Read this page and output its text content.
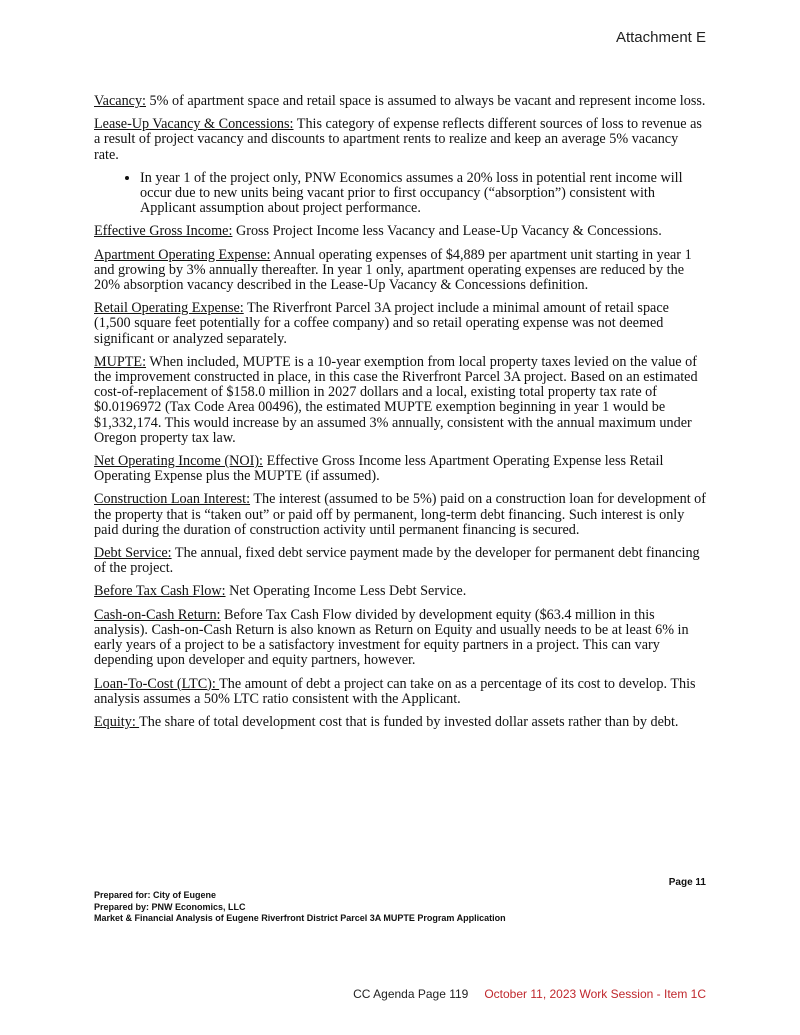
Attachment E

Vacancy: 5% of apartment space and retail space is assumed to always be vacant and represent income loss.

Lease-Up Vacancy & Concessions: This category of expense reflects different sources of loss to revenue as a result of project vacancy and discounts to apartment rents to realize and keep an average 5% vacancy rate.

• In year 1 of the project only, PNW Economics assumes a 20% loss in potential rent income will occur due to new units being vacant prior to first occupancy (“absorption”) consistent with Applicant assumption about project performance.

Effective Gross Income: Gross Project Income less Vacancy and Lease-Up Vacancy & Concessions.

Apartment Operating Expense: Annual operating expenses of $4,889 per apartment unit starting in year 1 and growing by 3% annually thereafter. In year 1 only, apartment operating expenses are reduced by the 20% absorption vacancy described in the Lease-Up Vacancy & Concessions definition.

Retail Operating Expense: The Riverfront Parcel 3A project include a minimal amount of retail space (1,500 square feet potentially for a coffee company) and so retail operating expense was not deemed significant or analyzed separately.

MUPTE: When included, MUPTE is a 10-year exemption from local property taxes levied on the value of the improvement constructed in place, in this case the Riverfront Parcel 3A project. Based on an estimated cost-of-replacement of $158.0 million in 2027 dollars and a local, existing total property tax rate of $0.0196972 (Tax Code Area 00496), the estimated MUPTE exemption beginning in year 1 would be $1,332,174. This would increase by an assumed 3% annually, consistent with the annual maximum under Oregon property tax law.

Net Operating Income (NOI): Effective Gross Income less Apartment Operating Expense less Retail Operating Expense plus the MUPTE (if assumed).

Construction Loan Interest: The interest (assumed to be 5%) paid on a construction loan for development of the property that is “taken out” or paid off by permanent, long-term debt financing. Such interest is only paid during the duration of construction activity until permanent financing is secured.

Debt Service: The annual, fixed debt service payment made by the developer for permanent debt financing of the project.

Before Tax Cash Flow: Net Operating Income Less Debt Service.

Cash-on-Cash Return: Before Tax Cash Flow divided by development equity ($63.4 million in this analysis). Cash-on-Cash Return is also known as Return on Equity and usually needs to be at least 6% in early years of a project to be a satisfactory investment for equity partners in a project. This can vary depending upon developer and equity partners, however.

Loan-To-Cost (LTC): The amount of debt a project can take on as a percentage of its cost to develop. This analysis assumes a 50% LTC ratio consistent with the Applicant.

Equity: The share of total development cost that is funded by invested dollar assets rather than by debt.

Page 11
Prepared for: City of Eugene
Prepared by: PNW Economics, LLC
Market & Financial Analysis of Eugene Riverfront District Parcel 3A MUPTE Program Application
CC Agenda Page 119 October 11, 2023 Work Session - Item 1C
